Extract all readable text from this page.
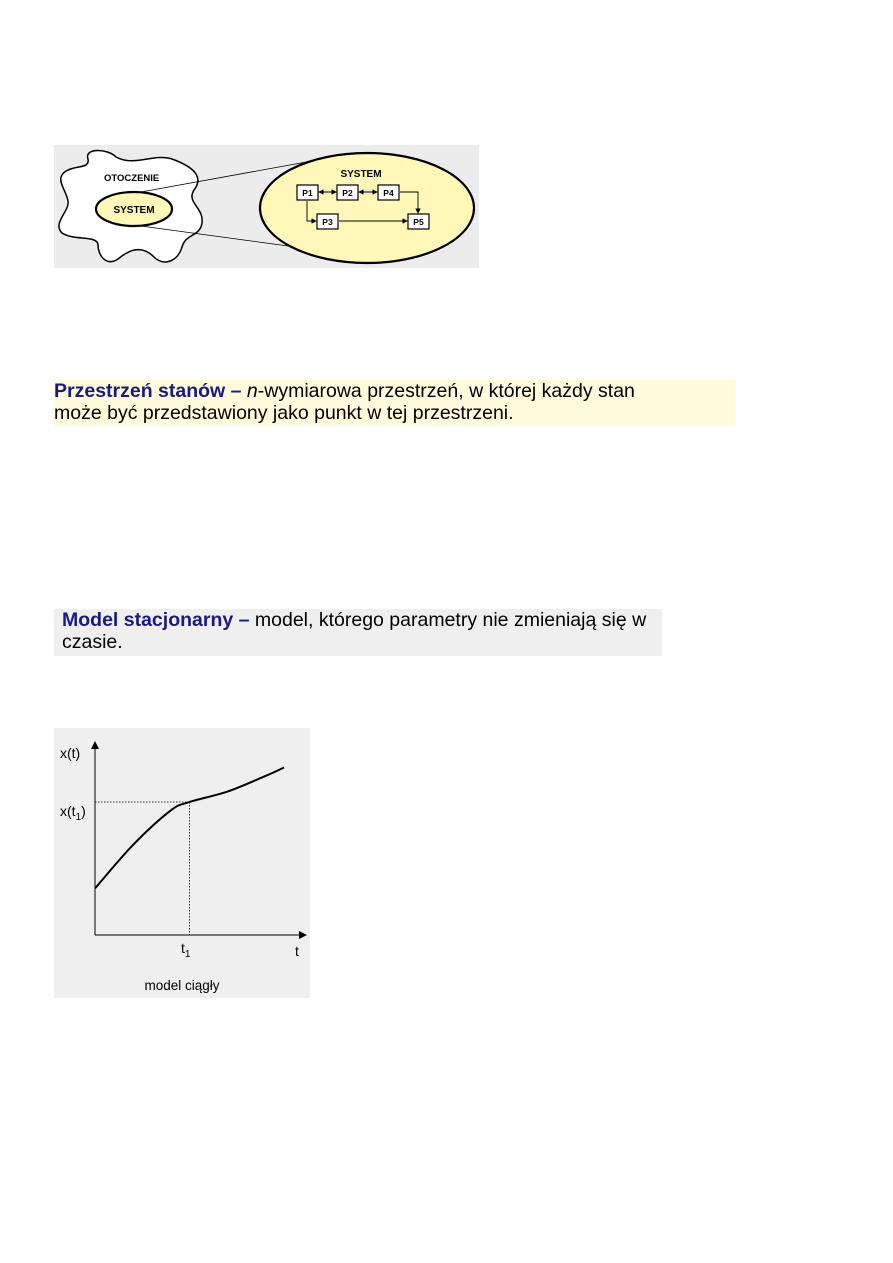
OTOCZENIE
SYSTEM
SYSTEM
P1	P2	P4
P3	P5
Przestrzeń stanów – n-wymiarowa przestrzeń, w której każdy stan
może być przedstawiony jako punkt w tej przestrzeni.
Model stacjonarny – model, którego parametry nie zmieniają się w
czasie.
x(t)
t
$x(t_1)$
$t_1$
model ciągły
